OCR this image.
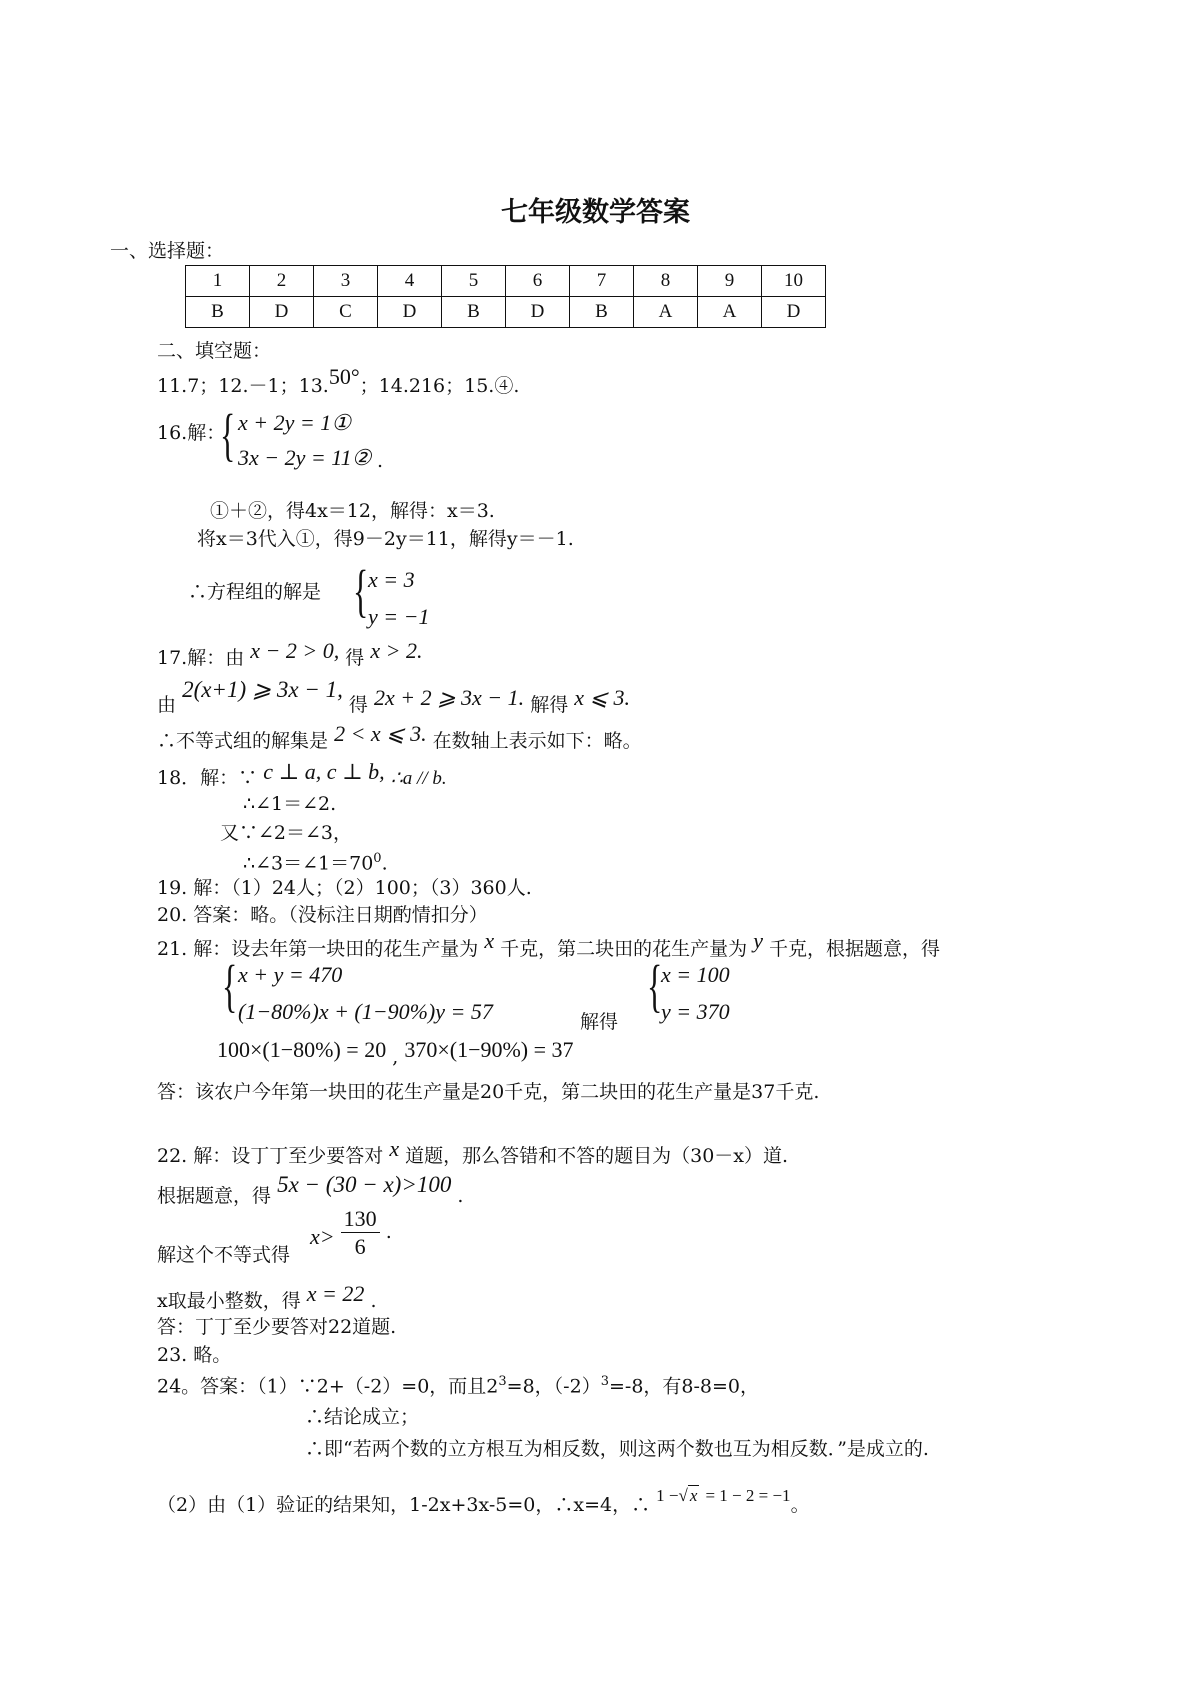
七年级数学答案
一、选择题：
1	2	3	4	5	6	7	8	9	10
B	D	C	D	B	D	B	A	A	D
二、填空题：
11.7；12.－1；13.50°；14.216；15.④.
16.解：
{ x + 2y = 1①
3x − 2y = 11② .
①＋②，得4x＝12，解得：x＝3.
将x＝3代入①，得9－2y＝11，解得y＝－1.
∴方程组的解是 { x = 3
y = −1
17.解：由 x − 2 > 0, 得 x > 2.
由 2(x+1) ⩾ 3x − 1, 得 2x + 2 ⩾ 3x − 1. 解得 x ⩽ 3.
∴不等式组的解集是 2 < x ⩽ 3. 在数轴上表示如下：略。
18．解：∵ c ⊥ a, c ⊥ b, ∴a // b.
∴∠1＝∠2.
又∵∠2＝∠3，
$\therefore\angle 3=\angle 1=70^0$.
19. 解：（1）24人；（2）100；（3）360人.
20. 答案：略。（没标注日期酌情扣分）
21. 解：设去年第一块田的花生产量为 x 千克，第二块田的花生产量为 y 千克，根据题意，得
{ x + y = 470
(1−80%)x + (1−90%)y = 57	解得
{
x = 100
y = 370
100×(1−80%) = 20 , 370×(1−90%) = 37
答：该农户今年第一块田的花生产量是20千克，第二块田的花生产量是37千克.
22. 解：设丁丁至少要答对 x 道题，那么答错和不答的题目为（30－x）道.
根据题意，得 5x − (30 − x)>100 .
解这个不等式得
$x> \frac{130}{6}$ .
x取最小整数，得 x = 22 .
答：丁丁至少要答对22道题.
23. 略。
24。答案：（1）∵2+（-2）=0，而且$2^3=8$，$(-2)^3=-8$，有8-8=0，
∴结论成立；
∴即“若两个数的立方根互为相反数，则这两个数也互为相反数．”是成立的.
（2）由（1）验证的结果知，1-2x+3x-5=0，∴x=4，∴ 1 −√ x = 1 − 2 = −1。
